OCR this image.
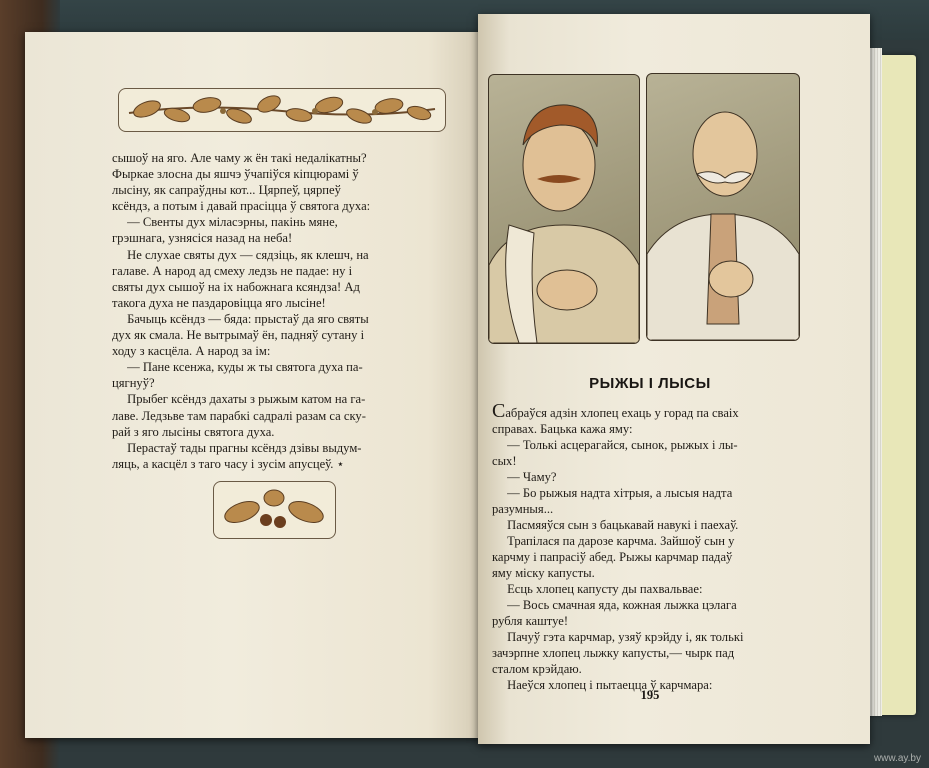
сышоў на яго. Але чаму ж ён такі недалікатны?

Фыркае злосна ды яшчэ ўчапіўся кіпцюрамі ў

лысіну, як сапраўдны кот... Цярпеў, цярпеў

ксёндз, а потым і давай прасіцца ў святога духа:

— Свенты дух міласэрны, пакінь мяне,

грэшнага, узнясіся назад на неба!

Не слухае святы дух — сядзіць, як клешч, на

галаве. А народ ад смеху ледзь не падае: ну і

святы дух сышоў на іх набожнага ксяндза! Ад

такога духа не паздаровіцца яго лысіне!

Бачыць ксёндз — бяда: прыстаў да яго святы

дух як смала. Не вытрымаў ён, падняў сутану і

ходу з касцёла. А народ за ім:

— Пане ксенжа, куды ж ты святога духа па-

цягнуў?

Прыбег ксёндз дахаты з рыжым катом на га-

лаве. Ледзьве там парабкі садралі разам са ску-

рай з яго лысіны святога духа.

Перастаў тады прагны ксёндз дзівы выдум-

ляць, а касцёл з таго часу і зусім апусцеў. ⋆

РЫЖЫ І ЛЫСЫ

Сабраўся адзін хлопец ехаць у горад па сваіх

справах. Бацька кажа яму:

— Толькі асцерагайся, сынок, рыжых і лы-

сых!

— Чаму?

— Бо рыжыя надта хітрыя, а лысыя надта

разумныя...

Пасмяяўся сын з бацькавай навукі і паехаў.

Трапілася па дарозе карчма. Зайшоў сын у

карчму і папрасіў абед. Рыжы карчмар падаў

яму міску капусты.

Есць хлопец капусту ды пахвальвае:

— Вось смачная яда, кожная лыжка цэлага

рубля каштуе!

Пачуў гэта карчмар, узяў крэйду і, як толькі

зачэрпне хлопец лыжку капусты,— чырк пад

сталом крэйдаю.

Наеўся хлопец і пытаецца ў карчмара:

195
www.ay.by
